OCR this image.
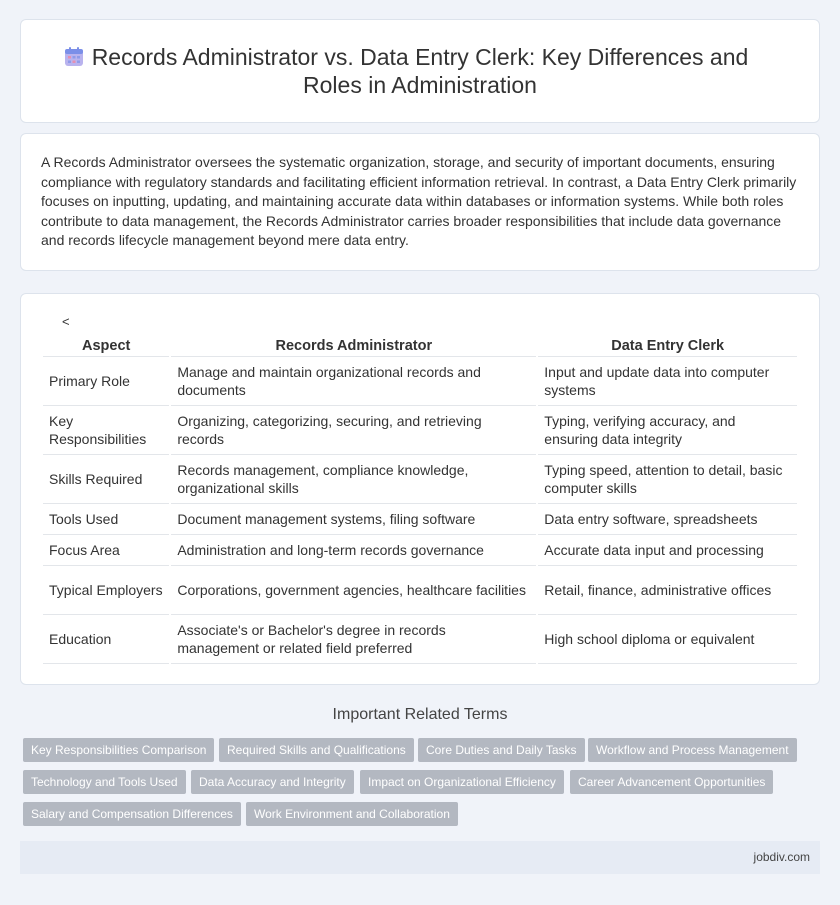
Records Administrator vs. Data Entry Clerk: Key Differences and Roles in Administration

A Records Administrator oversees the systematic organization, storage, and security of important documents, ensuring compliance with regulatory standards and facilitating efficient information retrieval. In contrast, a Data Entry Clerk primarily focuses on inputting, updating, and maintaining accurate data within databases or information systems. While both roles contribute to data management, the Records Administrator carries broader responsibilities that include data governance and records lifecycle management beyond mere data entry.

<
Aspect	Records Administrator	Data Entry Clerk
Primary Role	Manage and maintain organizational records and documents	Input and update data into computer systems
Key Responsibilities	Organizing, categorizing, securing, and retrieving records	Typing, verifying accuracy, and ensuring data integrity
Skills Required	Records management, compliance knowledge, organizational skills	Typing speed, attention to detail, basic computer skills
Tools Used	Document management systems, filing software	Data entry software, spreadsheets
Focus Area	Administration and long-term records governance	Accurate data input and processing
Typical Employers	Corporations, government agencies, healthcare facilities	Retail, finance, administrative offices
Education	Associate's or Bachelor's degree in records management or related field preferred	High school diploma or equivalent
Important Related Terms
Key Responsibilities Comparison	Required Skills and Qualifications	Core Duties and Daily Tasks	Workflow and Process Management
Technology and Tools Used	Data Accuracy and Integrity	Impact on Organizational Efficiency	Career Advancement Opportunities
Salary and Compensation Differences	Work Environment and Collaboration
jobdiv.com
